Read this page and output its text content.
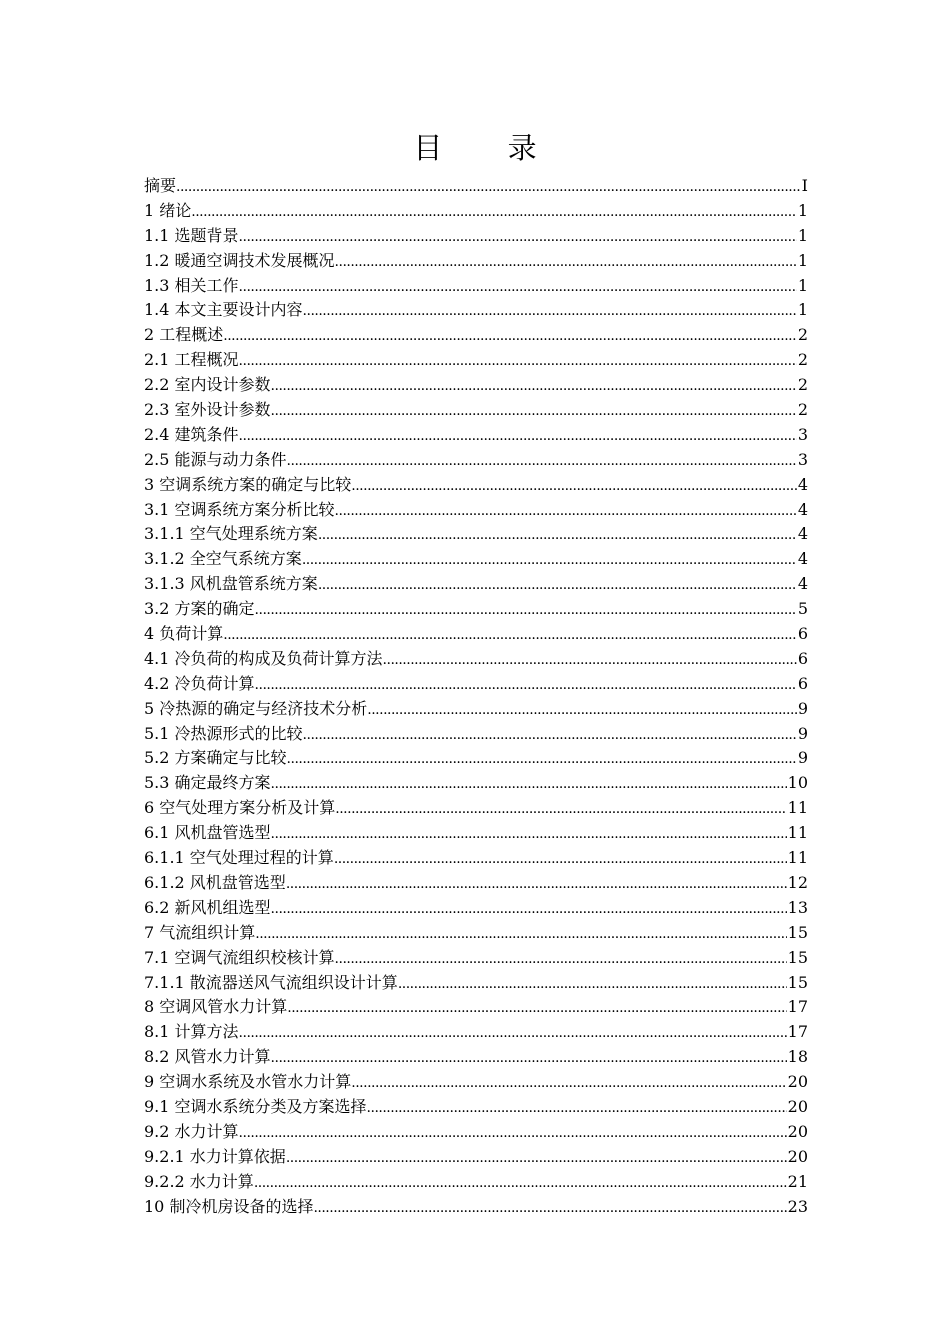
目 录
摘要 .....	I
1 绪论 .....	1
1.1 选题背景 .....	1
1.2 暖通空调技术发展概况 .....	1
1.3 相关工作 .....	1
1.4 本文主要设计内容 .....	1
2 工程概述 .....	2
2.1 工程概况 .....	2
2.2 室内设计参数 .....	2
2.3 室外设计参数 .....	2
2.4 建筑条件 .....	3
2.5 能源与动力条件 .....	3
3 空调系统方案的确定与比较 .....	4
3.1 空调系统方案分析比较 .....	4
3.1.1 空气处理系统方案 .....	4
3.1.2 全空气系统方案 .....	4
3.1.3 风机盘管系统方案 .....	4
3.2 方案的确定 .....	5
4 负荷计算 .....	6
4.1 冷负荷的构成及负荷计算方法 .....	6
4.2 冷负荷计算 .....	6
5 冷热源的确定与经济技术分析 .....	9
5.1 冷热源形式的比较 .....	9
5.2 方案确定与比较 .....	9
5.3 确定最终方案 .....	10
6 空气处理方案分析及计算 .....	11
6.1 风机盘管选型 .....	11
6.1.1 空气处理过程的计算 .....	11
6.1.2 风机盘管选型 .....	12
6.2 新风机组选型 .....	13
7 气流组织计算 .....	15
7.1 空调气流组织校核计算 .....	15
7.1.1 散流器送风气流组织设计计算 .....	15
8 空调风管水力计算 .....	17
8.1 计算方法 .....	17
8.2 风管水力计算 .....	18
9 空调水系统及水管水力计算 .....	20
9.1 空调水系统分类及方案选择 .....	20
9.2 水力计算 .....	20
9.2.1 水力计算依据 .....	20
9.2.2 水力计算 .....	21
10 制冷机房设备的选择 .....	23
